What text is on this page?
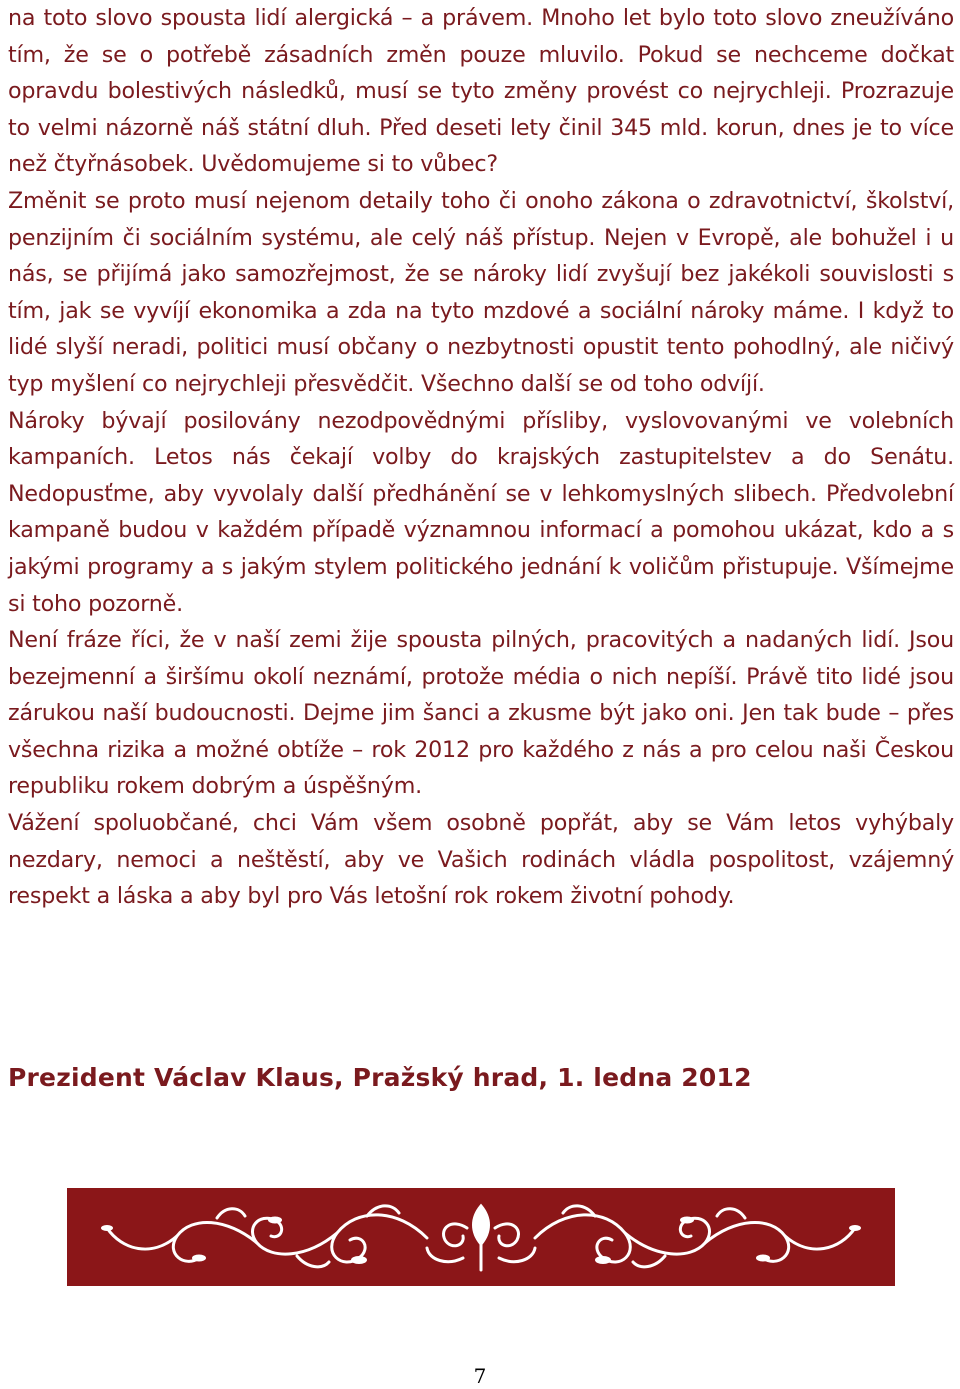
na toto slovo spousta lidí alergická – a právem. Mnoho let bylo toto slovo zneužíváno tím, že se o potřebě zásadních změn pouze mluvilo. Pokud se nechceme dočkat opravdu bolestivých následků, musí se tyto změny provést co nejrychleji. Prozrazuje to velmi názorně náš státní dluh. Před deseti lety činil 345 mld. korun, dnes je to více než čtyřnásobek. Uvědomujeme si to vůbec?

Změnit se proto musí nejenom detaily toho či onoho zákona o zdravotnictví, školství, penzijním či sociálním systému, ale celý náš přístup. Nejen v Evropě, ale bohužel i u nás, se přijímá jako samozřejmost, že se nároky lidí zvyšují bez jakékoli souvislosti s tím, jak se vyvíjí ekonomika a zda na tyto mzdové a sociální nároky máme. I když to lidé slyší neradi, politici musí občany o nezbytnosti opustit tento pohodlný, ale ničivý typ myšlení co nejrychleji přesvědčit. Všechno další se od toho odvíjí.

Nároky bývají posilovány nezodpovědnými přísliby, vyslovovanými ve volebních kampaních. Letos nás čekají volby do krajských zastupitelstev a do Senátu. Nedopusťme, aby vyvolaly další předhánění se v lehkomyslných slibech. Předvolební kampaně budou v každém případě významnou informací a pomohou ukázat, kdo a s jakými programy a s jakým stylem politického jednání k voličům přistupuje. Všímejme si toho pozorně.

Není fráze říci, že v naší zemi žije spousta pilných, pracovitých a nadaných lidí. Jsou bezejmenní a širšímu okolí neznámí, protože média o nich nepíší. Právě tito lidé jsou zárukou naší budoucnosti. Dejme jim šanci a zkusme být jako oni. Jen tak bude – přes všechna rizika a možné obtíže – rok 2012 pro každého z nás a pro celou naši Českou republiku rokem dobrým a úspěšným.

Vážení spoluobčané, chci Vám všem osobně popřát, aby se Vám letos vyhýbaly nezdary, nemoci a neštěstí, aby ve Vašich rodinách vládla pospolitost, vzájemný respekt a láska a aby byl pro Vás letošní rok rokem životní pohody.

Prezident Václav Klaus, Pražský hrad, 1. ledna 2012
7
